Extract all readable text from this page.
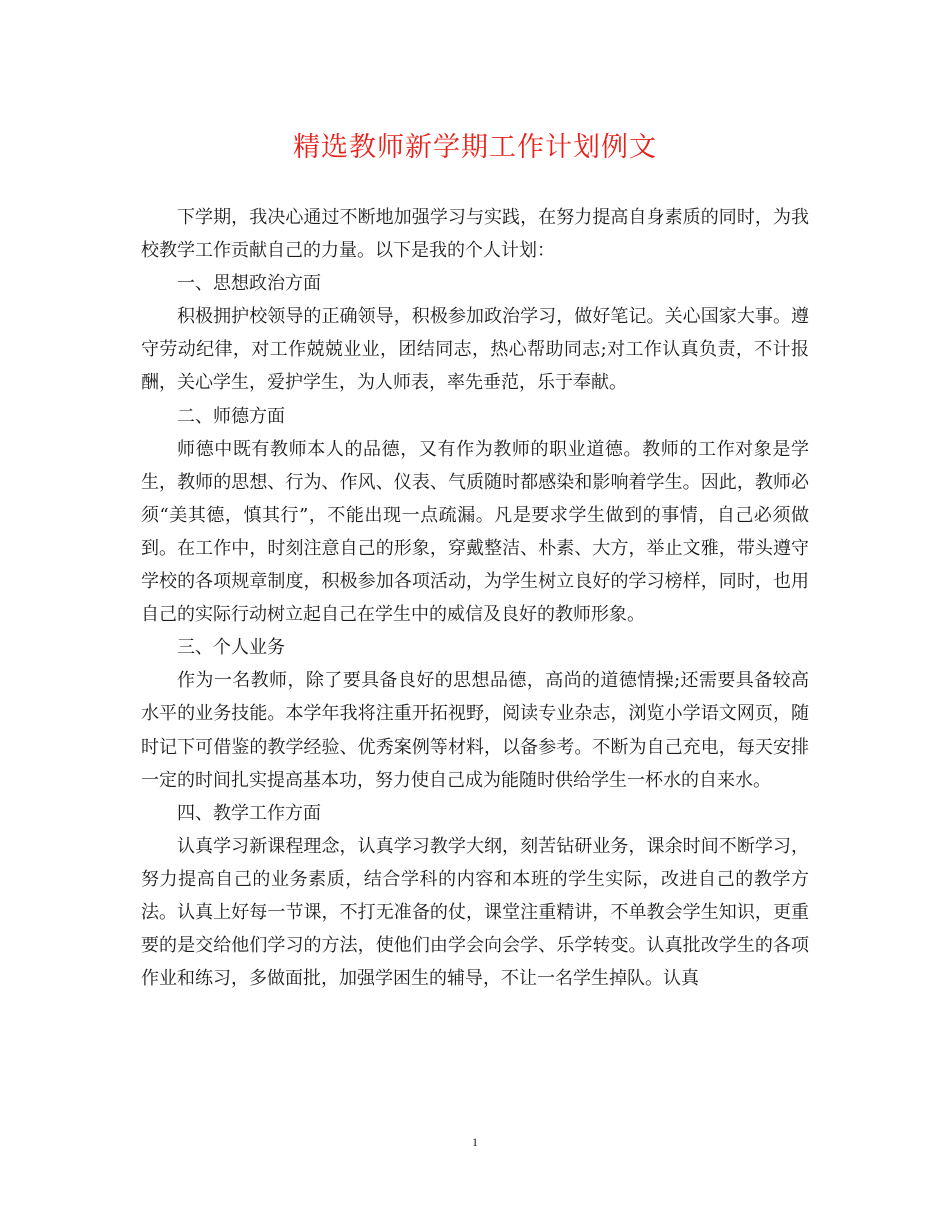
精选教师新学期工作计划例文

下学期，我决心通过不断地加强学习与实践，在努力提高自身素质的同时，为我校教学工作贡献自己的力量。以下是我的个人计划：

一、思想政治方面

积极拥护校领导的正确领导，积极参加政治学习，做好笔记。关心国家大事。遵守劳动纪律，对工作兢兢业业，团结同志，热心帮助同志;对工作认真负责，不计报酬，关心学生，爱护学生，为人师表，率先垂范，乐于奉献。

二、师德方面

师德中既有教师本人的品德，又有作为教师的职业道德。教师的工作对象是学生，教师的思想、行为、作风、仪表、气质随时都感染和影响着学生。因此，教师必须“美其德，慎其行”，不能出现一点疏漏。凡是要求学生做到的事情，自己必须做到。在工作中，时刻注意自己的形象，穿戴整洁、朴素、大方，举止文雅，带头遵守学校的各项规章制度，积极参加各项活动，为学生树立良好的学习榜样，同时，也用自己的实际行动树立起自己在学生中的威信及良好的教师形象。

三、个人业务

作为一名教师，除了要具备良好的思想品德，高尚的道德情操;还需要具备较高水平的业务技能。本学年我将注重开拓视野，阅读专业杂志，浏览小学语文网页，随时记下可借鉴的教学经验、优秀案例等材料，以备参考。不断为自己充电，每天安排一定的时间扎实提高基本功，努力使自己成为能随时供给学生一杯水的自来水。

四、教学工作方面

认真学习新课程理念，认真学习教学大纲，刻苦钻研业务，课余时间不断学习，努力提高自己的业务素质，结合学科的内容和本班的学生实际，改进自己的教学方法。认真上好每一节课，不打无准备的仗，课堂注重精讲，不单教会学生知识，更重要的是交给他们学习的方法，使他们由学会向会学、乐学转变。认真批改学生的各项作业和练习，多做面批，加强学困生的辅导，不让一名学生掉队。认真

1
